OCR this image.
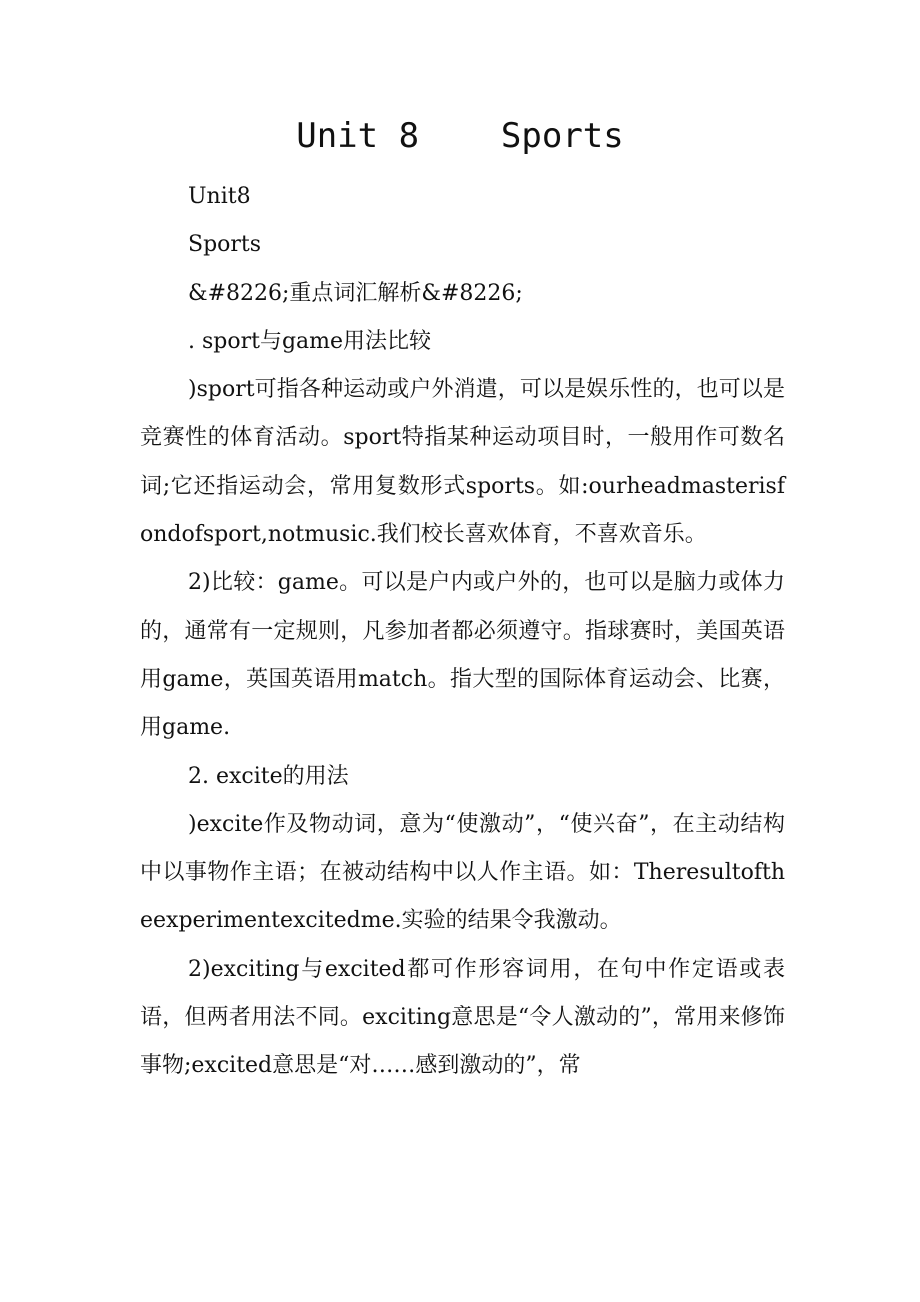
Unit 8    Sports

Unit8

Sports

&#8226;重点词汇解析&#8226;

. sport与game用法比较

)sport可指各种运动或户外消遣，可以是娱乐性的，也可以是竞赛性的体育活动。sport特指某种运动项目时，一般用作可数名词;它还指运动会，常用复数形式sports。如:ourheadmasterisfondofsport,notmusic.我们校长喜欢体育，不喜欢音乐。

2)比较：game。可以是户内或户外的，也可以是脑力或体力的，通常有一定规则，凡参加者都必须遵守。指球赛时，美国英语用game，英国英语用match。指大型的国际体育运动会、比赛，用game.

2. excite的用法

)excite作及物动词，意为“使激动”，“使兴奋”，在主动结构中以事物作主语；在被动结构中以人作主语。如：Theresultoftheexperimentexcitedme.实验的结果令我激动。

2)exciting与excited都可作形容词用，在句中作定语或表语，但两者用法不同。exciting意思是“令人激动的”，常用来修饰事物;excited意思是“对……感到激动的”，常
